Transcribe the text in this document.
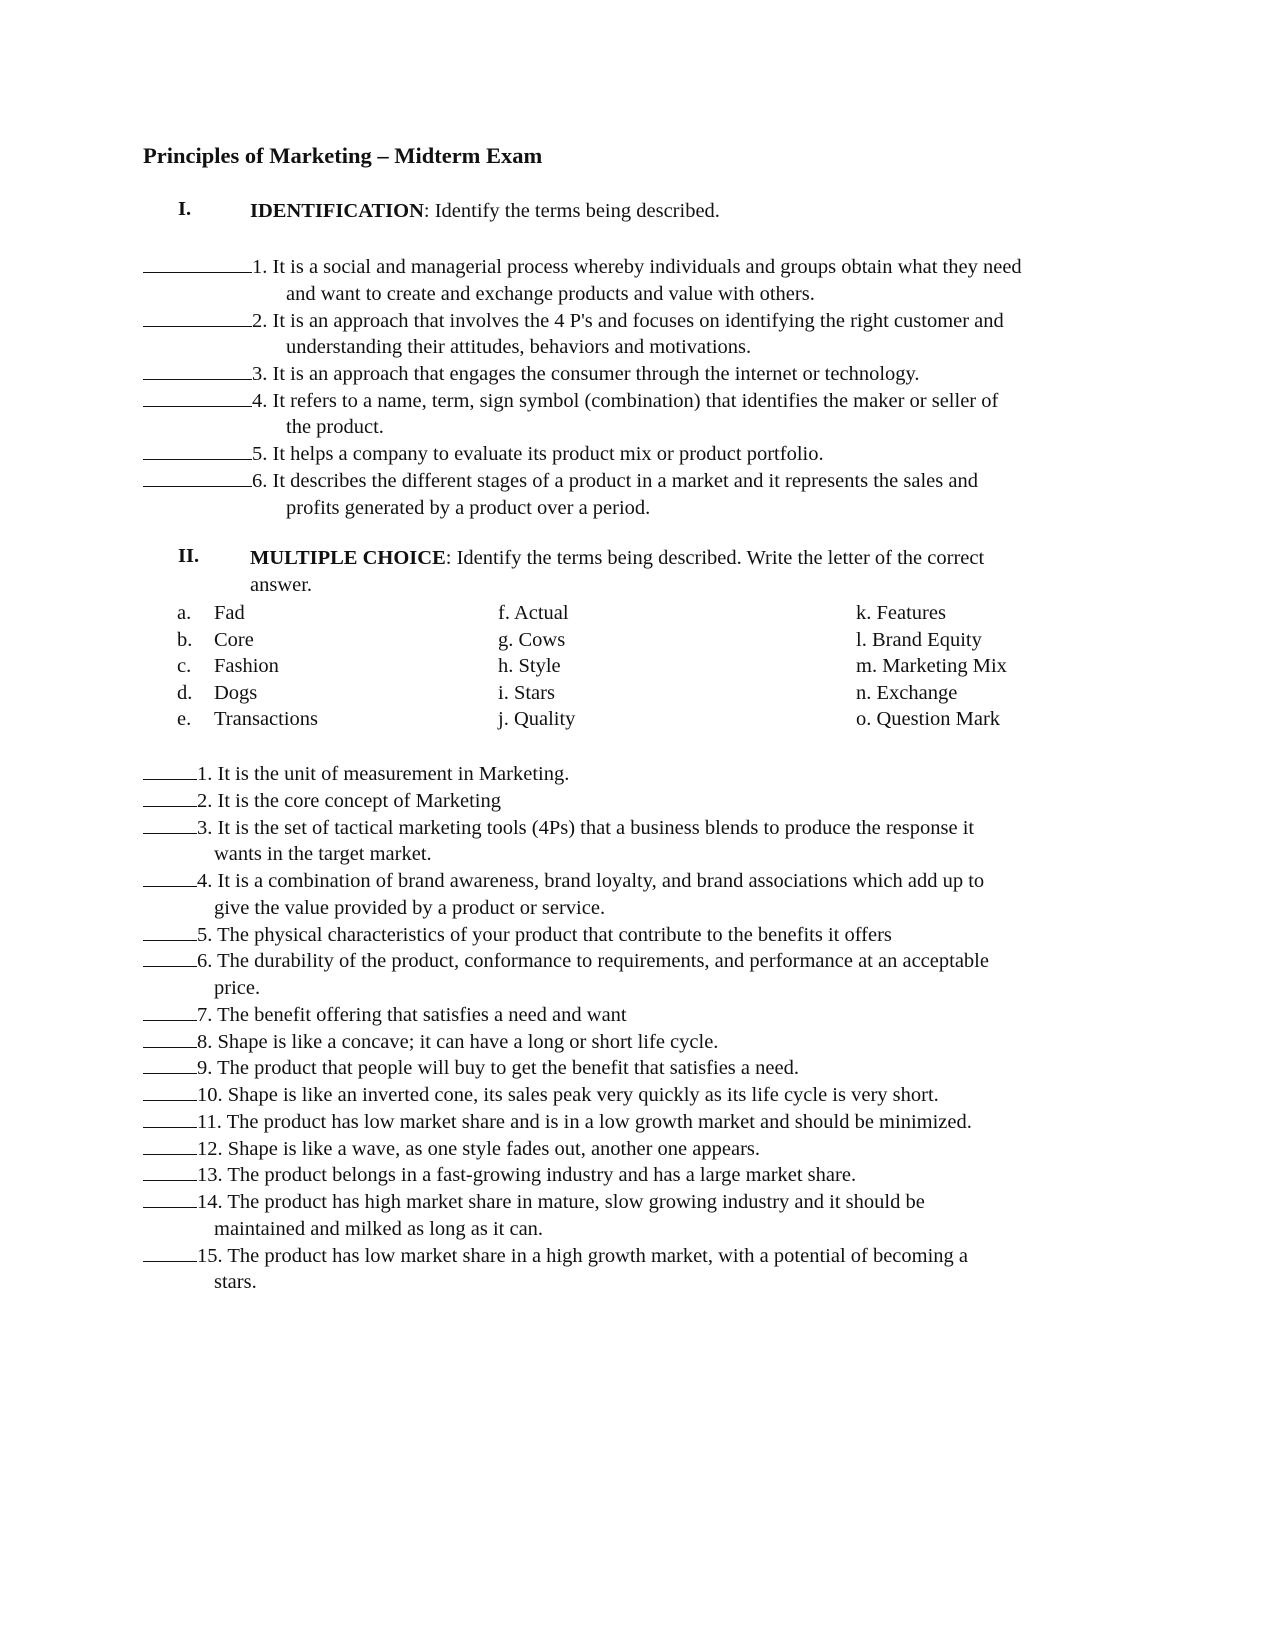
Principles of Marketing – Midterm Exam
I.	IDENTIFICATION: Identify the terms being described.
1. It is a social and managerial process whereby individuals and groups obtain what they need
and want to create and exchange products and value with others.
2. It is an approach that involves the 4 P's and focuses on identifying the right customer and
understanding their attitudes, behaviors and motivations.
3. It is an approach that engages the consumer through the internet or technology.
4. It refers to a name, term, sign symbol (combination) that identifies the maker or seller of
the product.
5. It helps a company to evaluate its product mix or product portfolio.
6. It describes the different stages of a product in a market and it represents the sales and
profits generated by a product over a period.
II. MULTIPLE CHOICE: Identify the terms being described. Write the letter of the correct answer.
a. Fad
b. Core
c. Fashion
d. Dogs
e. Transactions
f. Actual
g. Cows
h. Style
i. Stars
j. Quality
k. Features
l. Brand Equity
m. Marketing Mix
n. Exchange
o. Question Mark
1. It is the unit of measurement in Marketing.
2. It is the core concept of Marketing
3. It is the set of tactical marketing tools (4Ps) that a business blends to produce the response it
wants in the target market.
4. It is a combination of brand awareness, brand loyalty, and brand associations which add up to
give the value provided by a product or service.
5. The physical characteristics of your product that contribute to the benefits it offers
6. The durability of the product, conformance to requirements, and performance at an acceptable
price.
7. The benefit offering that satisfies a need and want
8. Shape is like a concave; it can have a long or short life cycle.
9. The product that people will buy to get the benefit that satisfies a need.
10. Shape is like an inverted cone, its sales peak very quickly as its life cycle is very short.
11. The product has low market share and is in a low growth market and should be minimized.
12. Shape is like a wave, as one style fades out, another one appears.
13. The product belongs in a fast-growing industry and has a large market share.
14. The product has high market share in mature, slow growing industry and it should be
maintained and milked as long as it can.
15. The product has low market share in a high growth market, with a potential of becoming a
stars.
